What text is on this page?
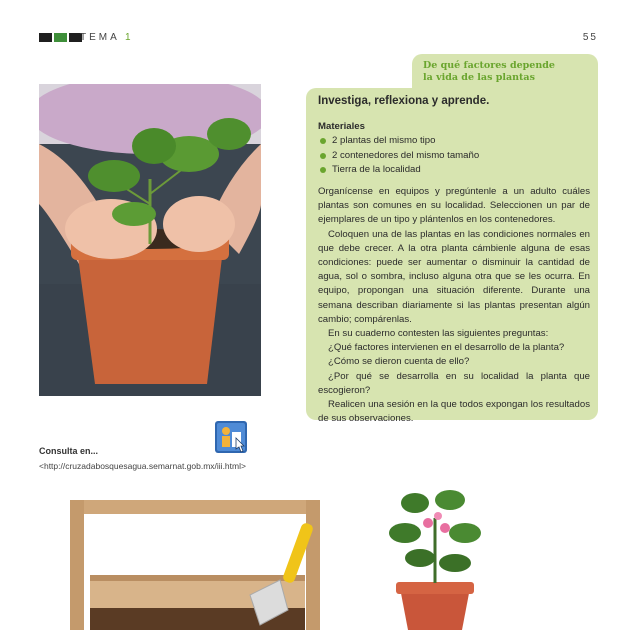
TEMA 1	55
De qué factores depende
la vida de las plantas
Investiga, reflexiona y aprende.
Materiales
2 plantas del mismo tipo
2 contenedores del mismo tamaño
Tierra de la localidad

Organícense en equipos y pregúntenle a un adulto cuáles plantas son comunes en su localidad. Seleccionen un par de ejemplares de un tipo y plántenlos en los contenedores.

Coloquen una de las plantas en las condiciones normales en que debe crecer. A la otra planta cámbienle alguna de esas condiciones: puede ser aumentar o disminuir la cantidad de agua, sol o sombra, incluso alguna otra que se les ocurra. En equipo, propongan una situación diferente. Durante una semana describan diariamente si las plantas presentan algún cambio; compárenlas.

En su cuaderno contesten las siguientes preguntas:

¿Qué factores intervienen en el desarrollo de la planta?

¿Cómo se dieron cuenta de ello?

¿Por qué se desarrolla en su localidad la planta que escogieron?

Realicen una sesión en la que todos expongan los resultados de sus observaciones.

Consulta en...
<http://cruzadabosquesagua.semarnat.gob.mx/iii.html>
